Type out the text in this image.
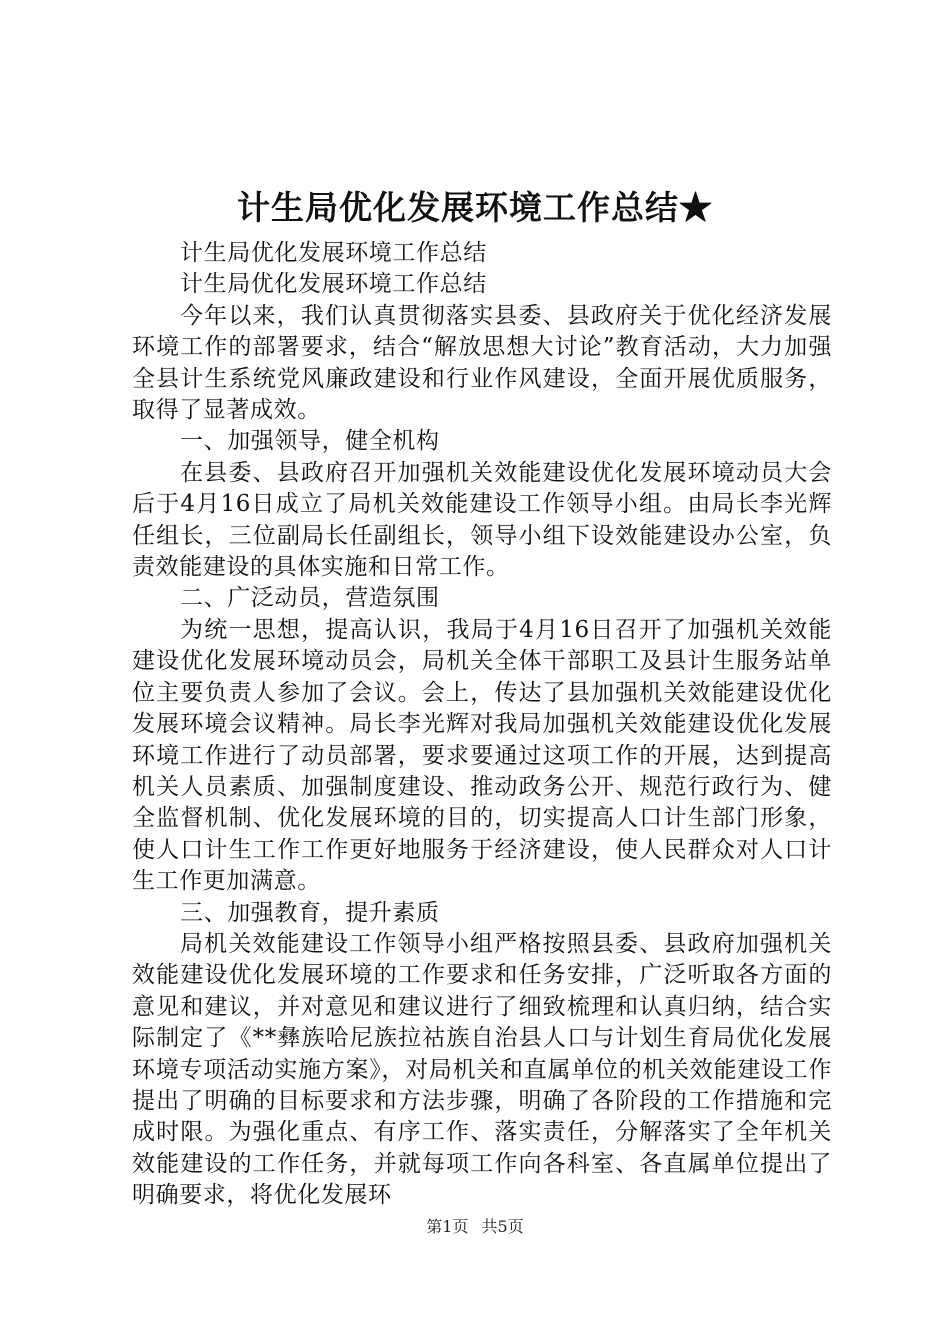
计生局优化发展环境工作总结★

计生局优化发展环境工作总结

计生局优化发展环境工作总结

今年以来，我们认真贯彻落实县委、县政府关于优化经济发展环境工作的部署要求，结合“解放思想大讨论”教育活动，大力加强全县计生系统党风廉政建设和行业作风建设，全面开展优质服务，取得了显著成效。

一、加强领导，健全机构

在县委、县政府召开加强机关效能建设优化发展环境动员大会后于4月16日成立了局机关效能建设工作领导小组。由局长李光辉任组长，三位副局长任副组长，领导小组下设效能建设办公室，负责效能建设的具体实施和日常工作。

二、广泛动员，营造氛围

为统一思想，提高认识，我局于4月16日召开了加强机关效能建设优化发展环境动员会，局机关全体干部职工及县计生服务站单位主要负责人参加了会议。会上，传达了县加强机关效能建设优化发展环境会议精神。局长李光辉对我局加强机关效能建设优化发展环境工作进行了动员部署，要求要通过这项工作的开展，达到提高机关人员素质、加强制度建设、推动政务公开、规范行政行为、健全监督机制、优化发展环境的目的，切实提高人口计生部门形象，使人口计生工作工作更好地服务于经济建设，使人民群众对人口计生工作更加满意。

三、加强教育，提升素质

局机关效能建设工作领导小组严格按照县委、县政府加强机关效能建设优化发展环境的工作要求和任务安排，广泛听取各方面的意见和建议，并对意见和建议进行了细致梳理和认真归纳，结合实际制定了《**彝族哈尼族拉祜族自治县人口与计划生育局优化发展环境专项活动实施方案》，对局机关和直属单位的机关效能建设工作提出了明确的目标要求和方法步骤，明确了各阶段的工作措施和完成时限。为强化重点、有序工作、落实责任，分解落实了全年机关效能建设的工作任务，并就每项工作向各科室、各直属单位提出了明确要求，将优化发展环

第1页 共5页
